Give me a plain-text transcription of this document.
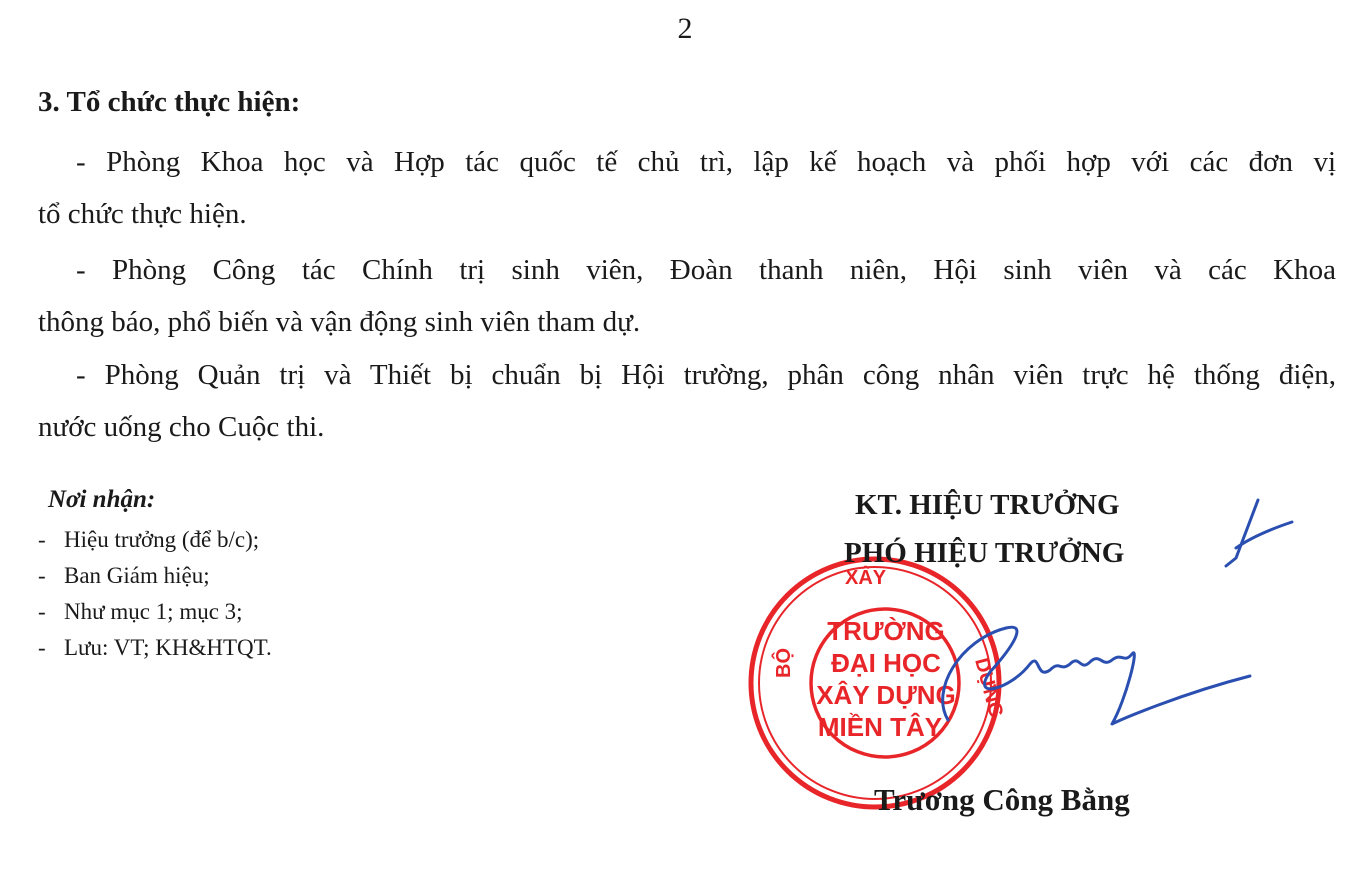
2
3. Tổ chức thực hiện:
- Phòng Khoa học và Hợp tác quốc tế chủ trì, lập kế hoạch và phối hợp với các đơn vị
tổ chức thực hiện.
- Phòng Công tác Chính trị sinh viên, Đoàn thanh niên, Hội sinh viên và các Khoa
thông báo, phổ biến và vận động sinh viên tham dự.
- Phòng Quản trị và Thiết bị chuẩn bị Hội trường, phân công nhân viên trực hệ thống điện,
nước uống cho Cuộc thi.
Nơi nhận:
- Hiệu trưởng (để b/c);
- Ban Giám hiệu;
- Như mục 1; mục 3;
- Lưu: VT; KH&HTQT.
BỘ
XÂY
DỰNG
TRƯỜNG
ĐẠI HỌC
XÂY DỰNG
MIỀN TÂY
KT. HIỆU TRƯỞNG
PHÓ HIỆU TRƯỞNG
Trương Công Bằng
